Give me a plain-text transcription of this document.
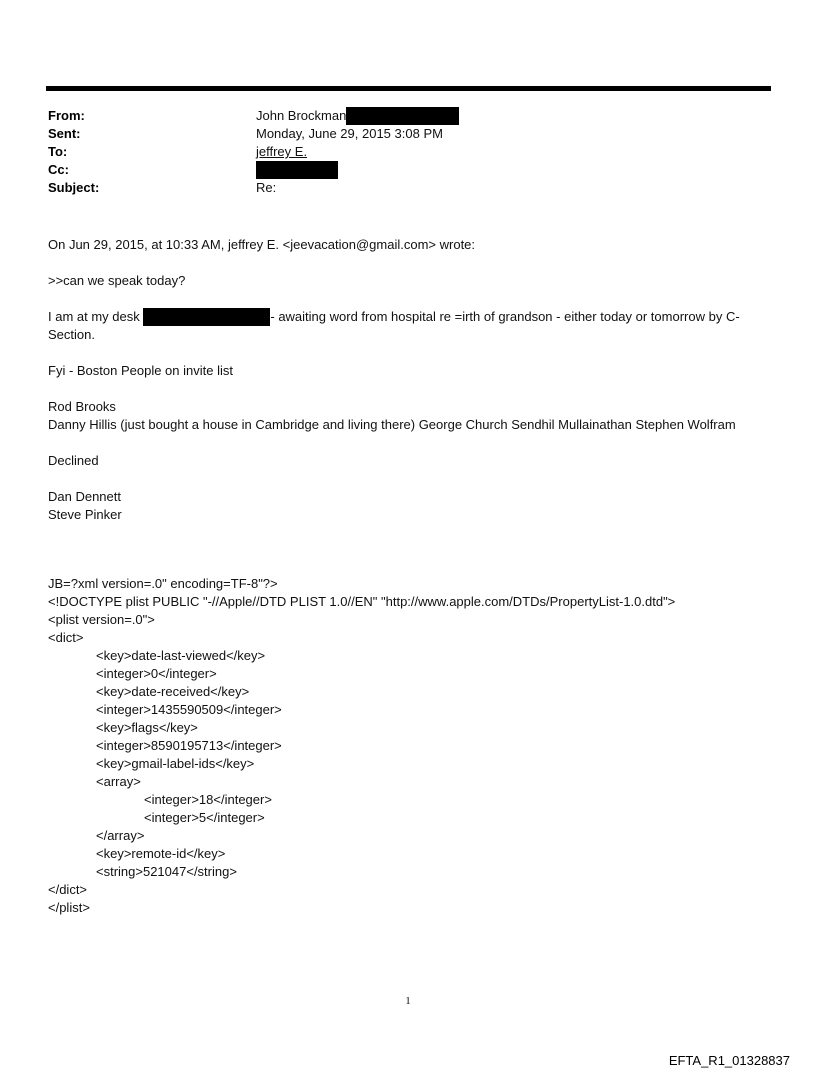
From:	John Brockman
Sent:	Monday, June 29, 2015 3:08 PM
To:	jeffrey E.
Cc:
Subject:	Re:

On Jun 29, 2015, at 10:33 AM, jeffrey E. <jeevacation@gmail.com> wrote:

>>can we speak today?

I am at my desk	- awaiting word from hospital re =irth of grandson - either today or tomorrow by C-

Section.

Fyi - Boston People on invite list

Rod Brooks

Danny Hillis (just bought a house in Cambridge and living there) George Church Sendhil Mullainathan Stephen Wolfram

Declined

Dan Dennett

Steve Pinker

JB=?xml version=.0" encoding=TF-8"?>
<!DOCTYPE plist PUBLIC "-//Apple//DTD PLIST 1.0//EN" "http://www.apple.com/DTDs/PropertyList-1.0.dtd">
<plist version=.0">
<dict>
<key>date-last-viewed</key>
<integer>0</integer>
<key>date-received</key>
<integer>1435590509</integer>
<key>flags</key>
<integer>8590195713</integer>
<key>gmail-label-ids</key>
<array>
<integer>18</integer>
<integer>5</integer>
</array>
<key>remote-id</key>
<string>521047</string>
</dict>
</plist>
1
EFTA_R1_01328837
